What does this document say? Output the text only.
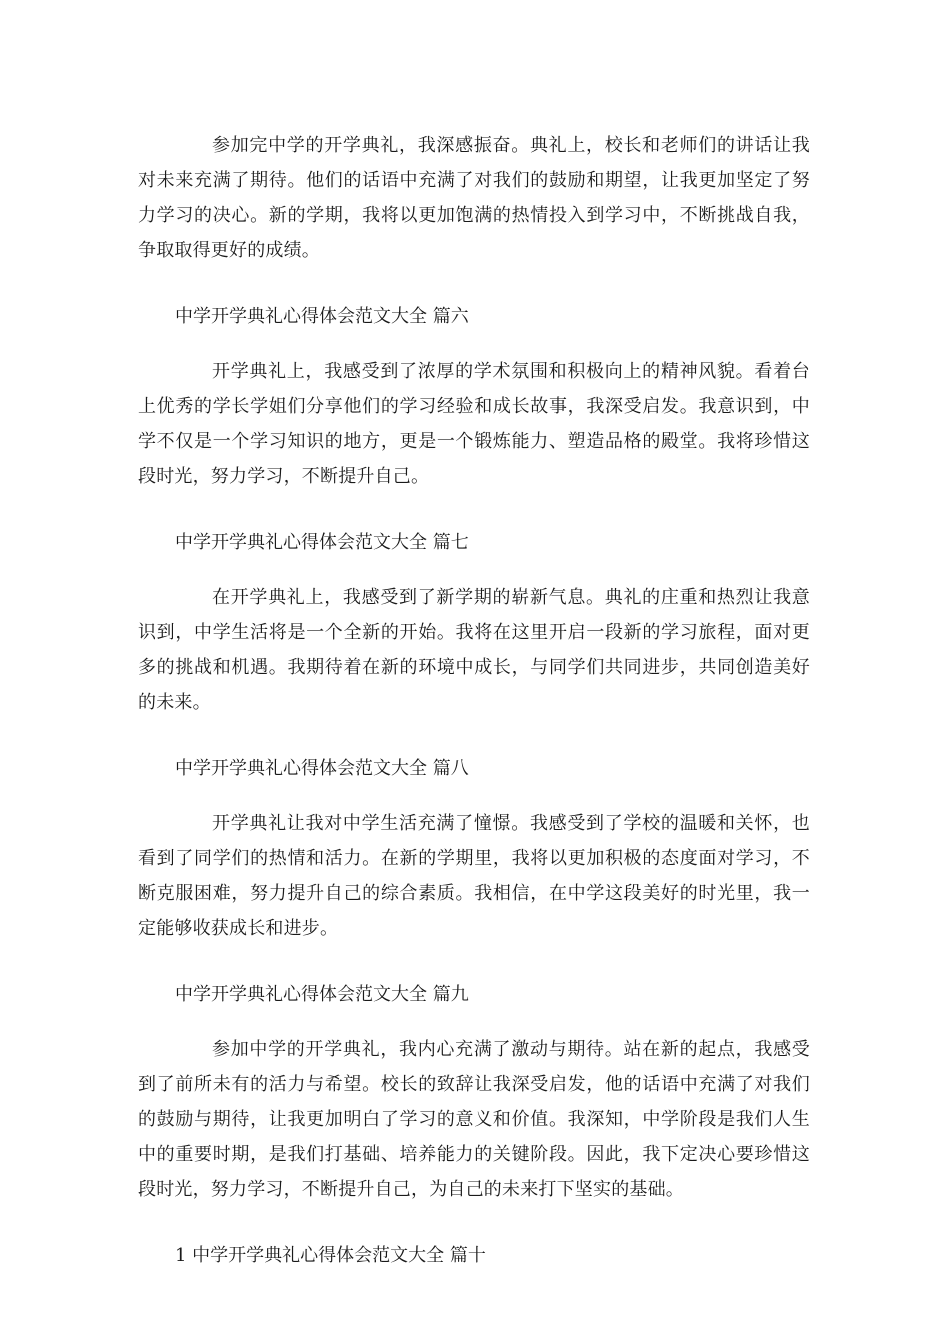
参加完中学的开学典礼，我深感振奋。典礼上，校长和老师们的讲话让我对未来充满了期待。他们的话语中充满了对我们的鼓励和期望，让我更加坚定了努力学习的决心。新的学期，我将以更加饱满的热情投入到学习中，不断挑战自我，争取取得更好的成绩。

中学开学典礼心得体会范文大全 篇六

开学典礼上，我感受到了浓厚的学术氛围和积极向上的精神风貌。看着台上优秀的学长学姐们分享他们的学习经验和成长故事，我深受启发。我意识到，中学不仅是一个学习知识的地方，更是一个锻炼能力、塑造品格的殿堂。我将珍惜这段时光，努力学习，不断提升自己。

中学开学典礼心得体会范文大全 篇七

在开学典礼上，我感受到了新学期的崭新气息。典礼的庄重和热烈让我意识到，中学生活将是一个全新的开始。我将在这里开启一段新的学习旅程，面对更多的挑战和机遇。我期待着在新的环境中成长，与同学们共同进步，共同创造美好的未来。

中学开学典礼心得体会范文大全 篇八

开学典礼让我对中学生活充满了憧憬。我感受到了学校的温暖和关怀，也看到了同学们的热情和活力。在新的学期里，我将以更加积极的态度面对学习，不断克服困难，努力提升自己的综合素质。我相信，在中学这段美好的时光里，我一定能够收获成长和进步。

中学开学典礼心得体会范文大全 篇九

参加中学的开学典礼，我内心充满了激动与期待。站在新的起点，我感受到了前所未有的活力与希望。校长的致辞让我深受启发，他的话语中充满了对我们的鼓励与期待，让我更加明白了学习的意义和价值。我深知，中学阶段是我们人生中的重要时期，是我们打基础、培养能力的关键阶段。因此，我下定决心要珍惜这段时光，努力学习，不断提升自己，为自己的未来打下坚实的基础。

1 中学开学典礼心得体会范文大全 篇十
